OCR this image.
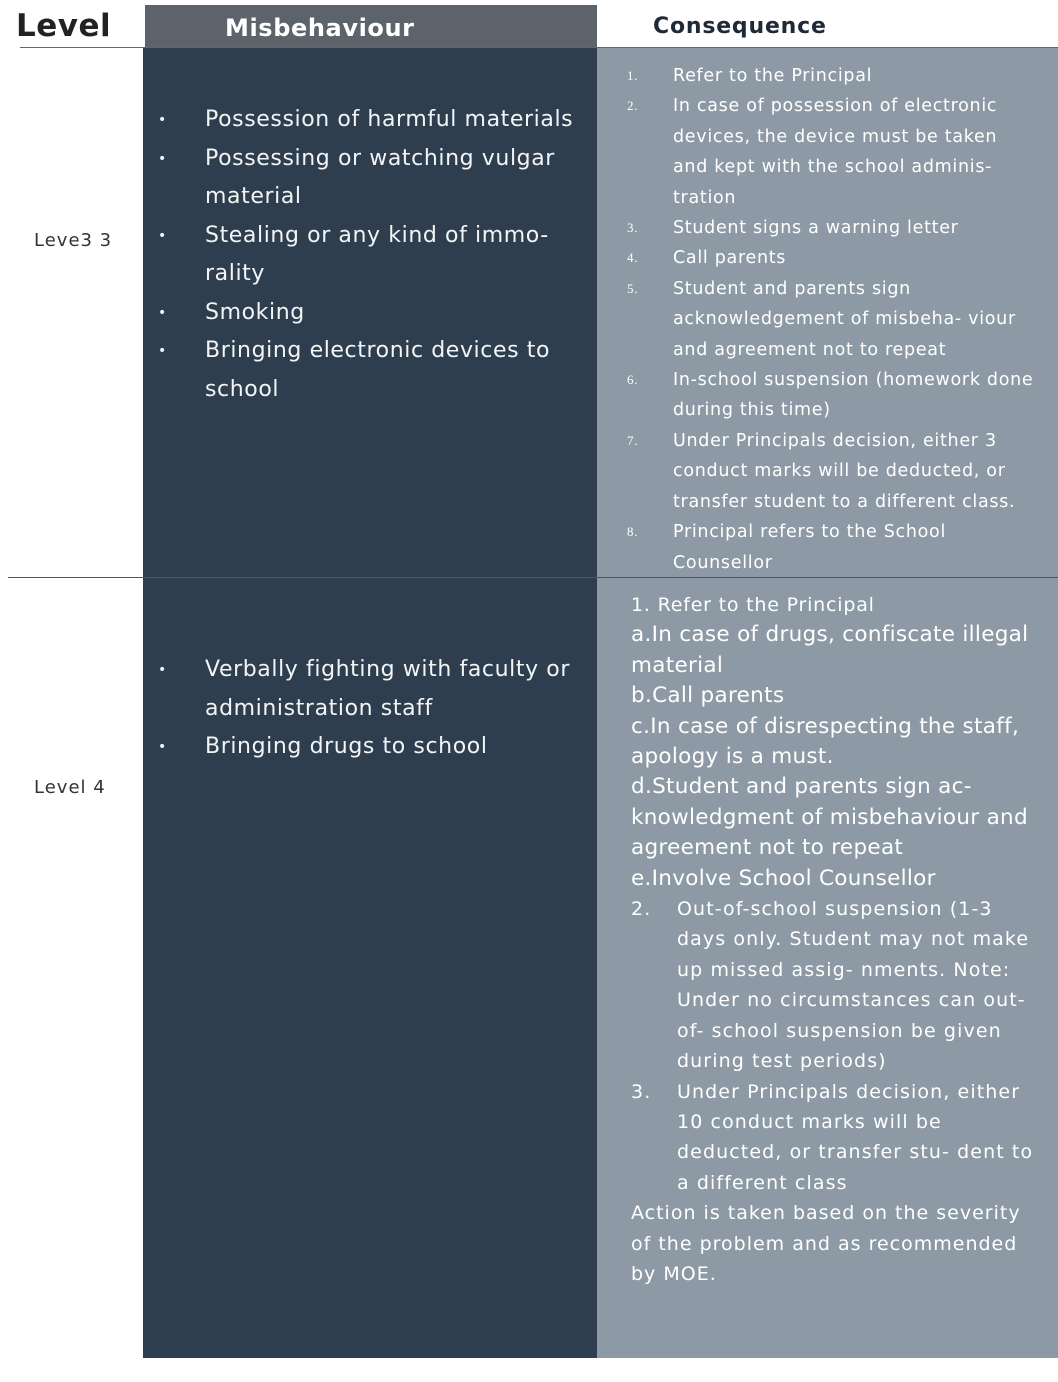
Level	Misbehaviour	Consequence
Leve3 3
• Possession of harmful materials
• Possessing or watching vulgar material
• Stealing or any kind of immo- rality
• Smoking
• Bringing electronic devices to school
1. Refer to the Principal
2. In case of possession of electronic devices, the device must be taken and kept with the school adminis- tration
3. Student signs a warning letter
4. Call parents
5. Student and parents sign acknowledgement of misbeha- viour and agreement not to repeat
6. In-school suspension (homework done during this time)
7. Under Principals decision, either 3 conduct marks will be deducted, or transfer student to a different class.
8. Principal refers to the School Counsellor
Level 4
• Verbally fighting with faculty or administration staff
• Bringing drugs to school
1. Refer to the Principal
a.In case of drugs, confiscate illegal material
b.Call parents
c.In case of disrespecting the staff, apology is a must.
d.Student and parents sign ac- knowledgment of misbehaviour and agreement not to repeat
e.Involve School Counsellor
2. Out-of-school suspension (1-3 days only. Student may not make up missed assig- nments. Note: Under no circumstances can out-of- school suspension be given during test periods)
3. Under Principals decision, either 10 conduct marks will be deducted, or transfer stu- dent to a different class
Action is taken based on the severity of the problem and as recommended by MOE.
